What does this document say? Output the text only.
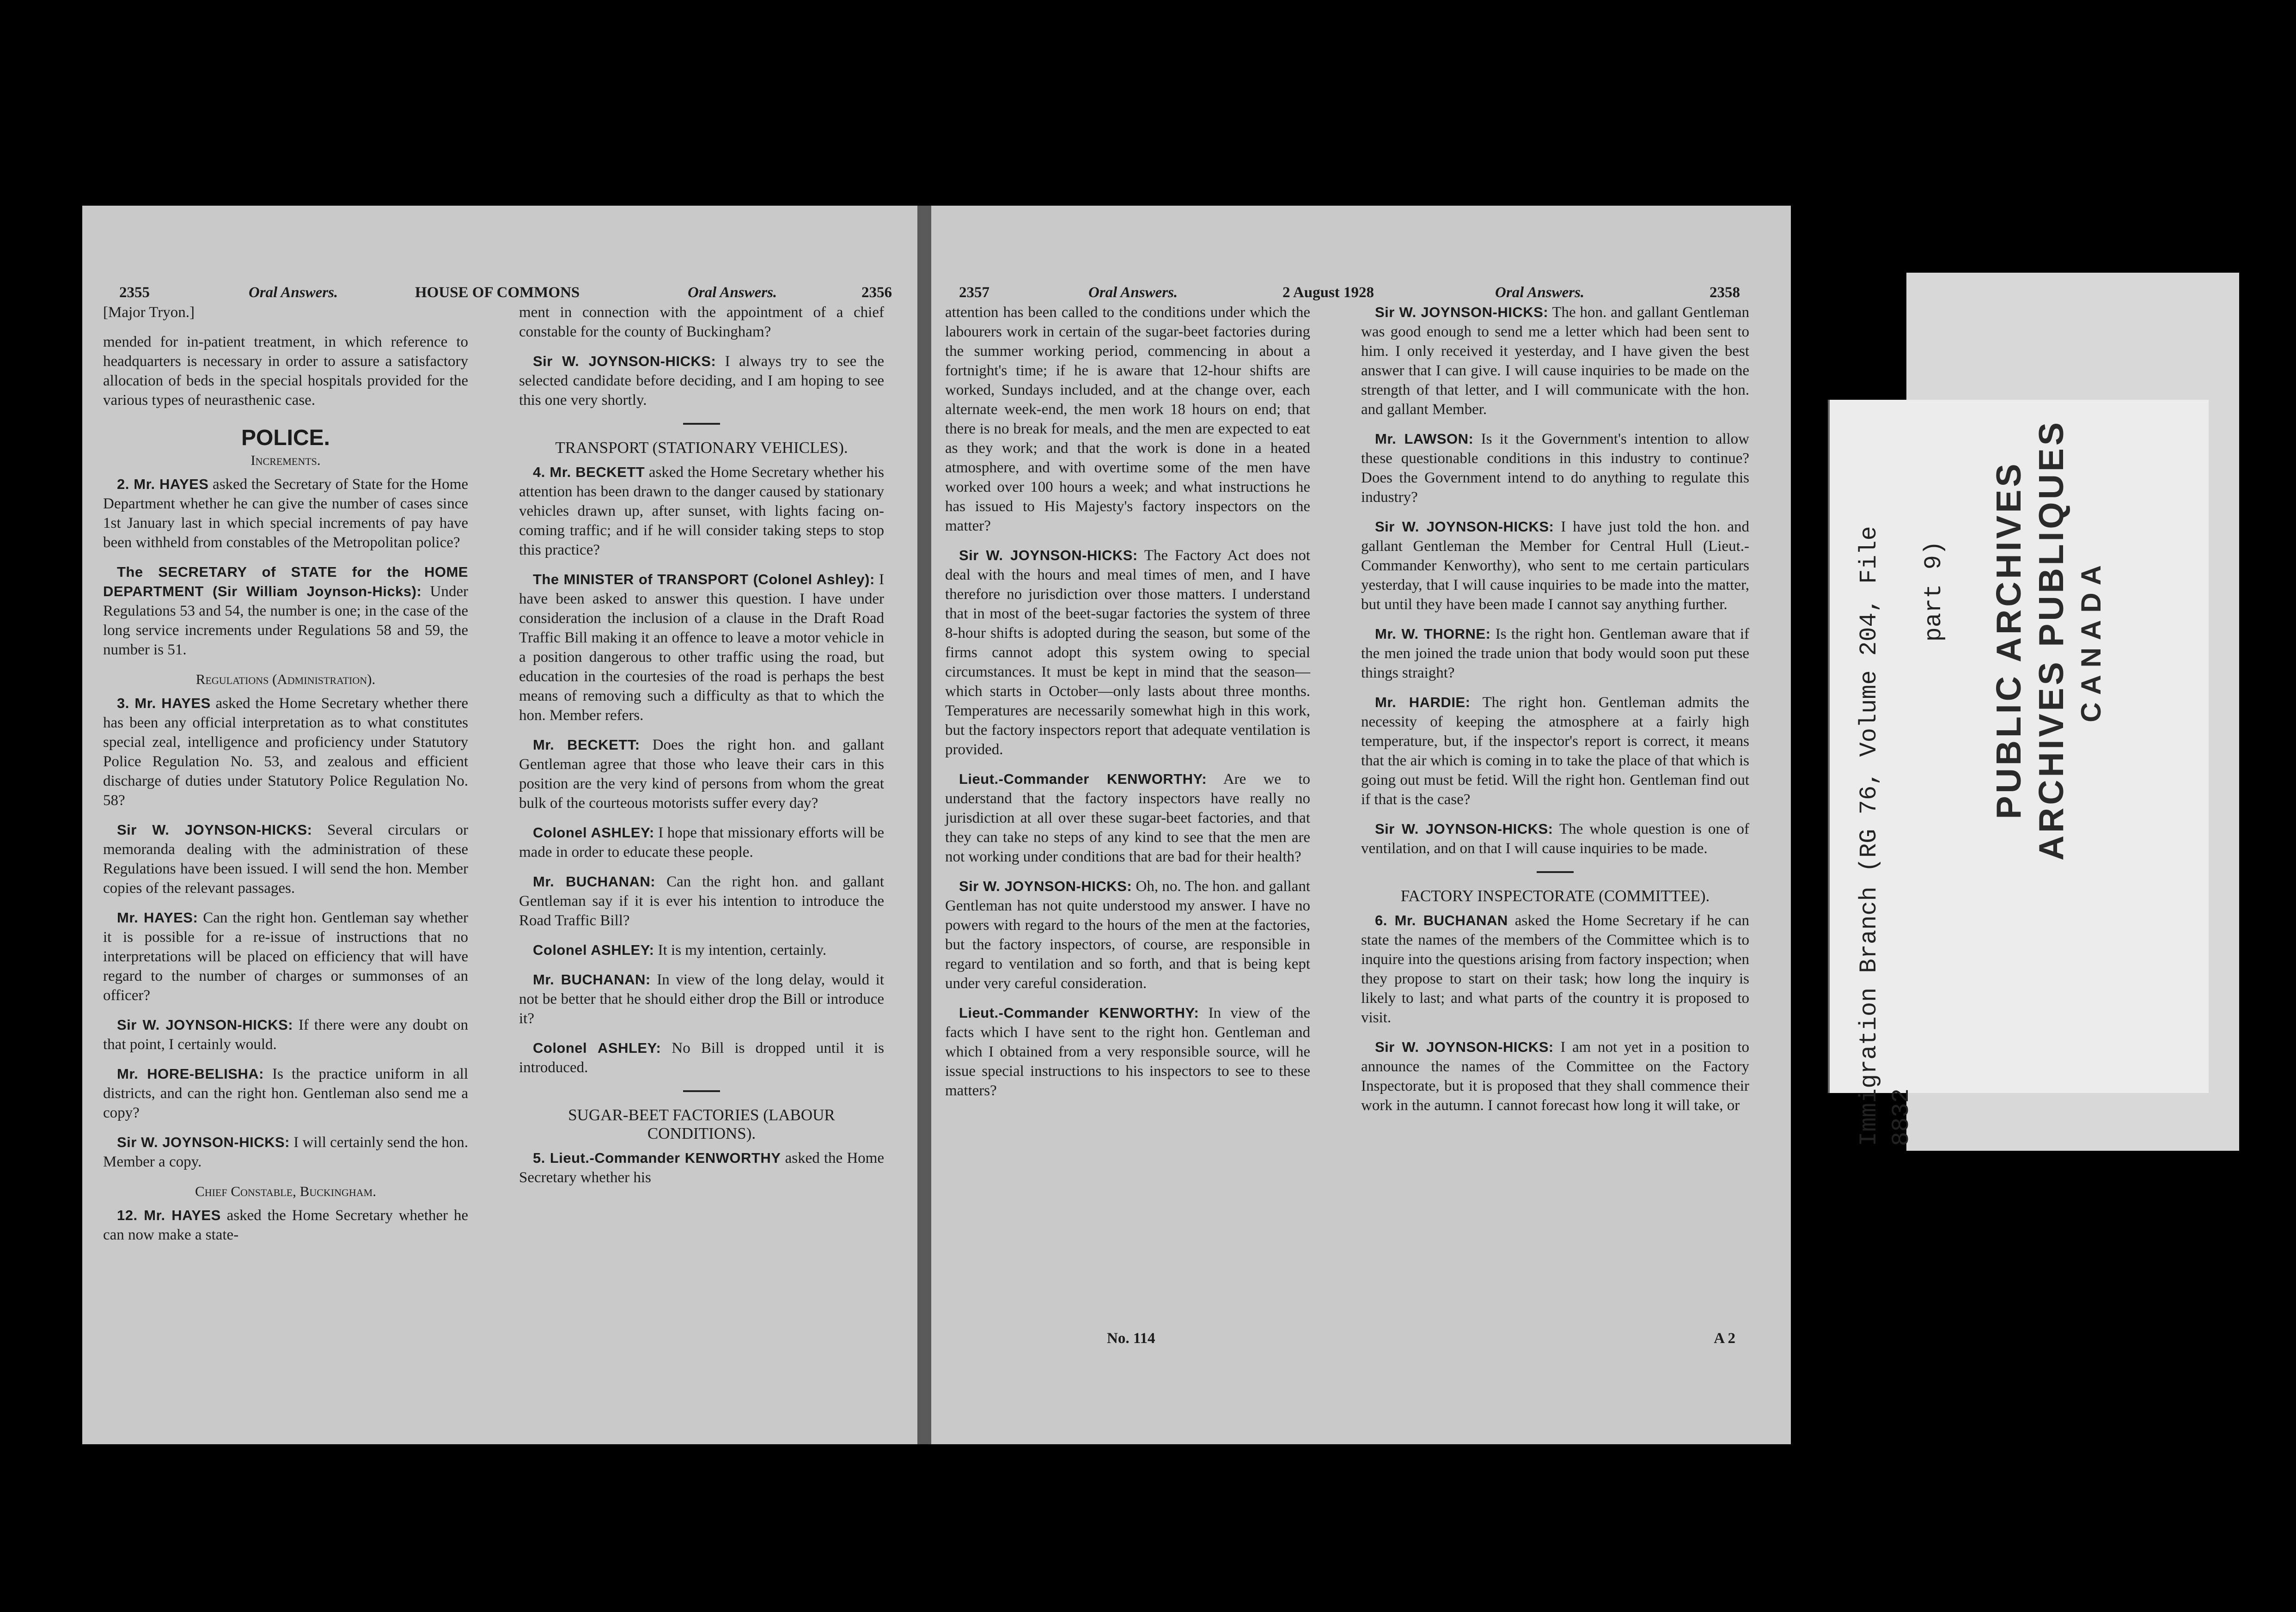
2355	Oral Answers.	HOUSE OF COMMONS	Oral Answers.	2356

[Major Tryon.]

mended for in-patient treatment, in which reference to headquarters is necessary in order to assure a satisfactory allocation of beds in the special hospitals provided for the various types of neurasthenic case.

POLICE.
Increments.

2. Mr. HAYES asked the Secretary of State for the Home Department whether he can give the number of cases since 1st January last in which special increments of pay have been withheld from constables of the Metropolitan police?

The SECRETARY of STATE for the HOME DEPARTMENT (Sir William Joynson-Hicks): Under Regulations 53 and 54, the number is one; in the case of the long service increments under Regulations 58 and 59, the number is 51.

Regulations (Administration).

3. Mr. HAYES asked the Home Secretary whether there has been any official interpretation as to what constitutes special zeal, intelligence and proficiency under Statutory Police Regulation No. 53, and zealous and efficient discharge of duties under Statutory Police Regulation No. 58?

Sir W. JOYNSON-HICKS: Several circulars or memoranda dealing with the administration of these Regulations have been issued. I will send the hon. Member copies of the relevant passages.

Mr. HAYES: Can the right hon. Gentleman say whether it is possible for a re-issue of instructions that no interpretations will be placed on efficiency that will have regard to the number of charges or summonses of an officer?

Sir W. JOYNSON-HICKS: If there were any doubt on that point, I certainly would.

Mr. HORE-BELISHA: Is the practice uniform in all districts, and can the right hon. Gentleman also send me a copy?

Sir W. JOYNSON-HICKS: I will certainly send the hon. Member a copy.

Chief Constable, Buckingham.

12. Mr. HAYES asked the Home Secretary whether he can now make a state-

ment in connection with the appointment of a chief constable for the county of Buckingham?

Sir W. JOYNSON-HICKS: I always try to see the selected candidate before deciding, and I am hoping to see this one very shortly.

TRANSPORT (STATIONARY VEHICLES).

4. Mr. BECKETT asked the Home Secretary whether his attention has been drawn to the danger caused by stationary vehicles drawn up, after sunset, with lights facing on-coming traffic; and if he will consider taking steps to stop this practice?

The MINISTER of TRANSPORT (Colonel Ashley): I have been asked to answer this question. I have under consideration the inclusion of a clause in the Draft Road Traffic Bill making it an offence to leave a motor vehicle in a position dangerous to other traffic using the road, but education in the courtesies of the road is perhaps the best means of removing such a difficulty as that to which the hon. Member refers.

Mr. BECKETT: Does the right hon. and gallant Gentleman agree that those who leave their cars in this position are the very kind of persons from whom the great bulk of the courteous motorists suffer every day?

Colonel ASHLEY: I hope that missionary efforts will be made in order to educate these people.

Mr. BUCHANAN: Can the right hon. and gallant Gentleman say if it is ever his intention to introduce the Road Traffic Bill?

Colonel ASHLEY: It is my intention, certainly.

Mr. BUCHANAN: In view of the long delay, would it not be better that he should either drop the Bill or introduce it?

Colonel ASHLEY: No Bill is dropped until it is introduced.

SUGAR-BEET FACTORIES (LABOUR CONDITIONS).

5. Lieut.-Commander KENWORTHY asked the Home Secretary whether his

2357	Oral Answers.	2 August 1928	Oral Answers.	2358

attention has been called to the conditions under which the labourers work in certain of the sugar-beet factories during the summer working period, commencing in about a fortnight's time; if he is aware that 12-hour shifts are worked, Sundays included, and at the change over, each alternate week-end, the men work 18 hours on end; that there is no break for meals, and the men are expected to eat as they work; and that the work is done in a heated atmosphere, and with overtime some of the men have worked over 100 hours a week; and what instructions he has issued to His Majesty's factory inspectors on the matter?

Sir W. JOYNSON-HICKS: The Factory Act does not deal with the hours and meal times of men, and I have therefore no jurisdiction over those matters. I understand that in most of the beet-sugar factories the system of three 8-hour shifts is adopted during the season, but some of the firms cannot adopt this system owing to special circumstances. It must be kept in mind that the season—which starts in October—only lasts about three months. Temperatures are necessarily somewhat high in this work, but the factory inspectors report that adequate ventilation is provided.

Lieut.-Commander KENWORTHY: Are we to understand that the factory inspectors have really no jurisdiction at all over these sugar-beet factories, and that they can take no steps of any kind to see that the men are not working under conditions that are bad for their health?

Sir W. JOYNSON-HICKS: Oh, no. The hon. and gallant Gentleman has not quite understood my answer. I have no powers with regard to the hours of the men at the factories, but the factory inspectors, of course, are responsible in regard to ventilation and so forth, and that is being kept under very careful consideration.

Lieut.-Commander KENWORTHY: In view of the facts which I have sent to the right hon. Gentleman and which I obtained from a very responsible source, will he issue special instructions to his inspectors to see to these matters?

Sir W. JOYNSON-HICKS: The hon. and gallant Gentleman was good enough to send me a letter which had been sent to him. I only received it yesterday, and I have given the best answer that I can give. I will cause inquiries to be made on the strength of that letter, and I will communicate with the hon. and gallant Member.

Mr. LAWSON: Is it the Government's intention to allow these questionable conditions in this industry to continue? Does the Government intend to do anything to regulate this industry?

Sir W. JOYNSON-HICKS: I have just told the hon. and gallant Gentleman the Member for Central Hull (Lieut.-Commander Kenworthy), who sent to me certain particulars yesterday, that I will cause inquiries to be made into the matter, but until they have been made I cannot say anything further.

Mr. W. THORNE: Is the right hon. Gentleman aware that if the men joined the trade union that body would soon put these things straight?

Mr. HARDIE: The right hon. Gentleman admits the necessity of keeping the atmosphere at a fairly high temperature, but, if the inspector's report is correct, it means that the air which is coming in to take the place of that which is going out must be fetid. Will the right hon. Gentleman find out if that is the case?

Sir W. JOYNSON-HICKS: The whole question is one of ventilation, and on that I will cause inquiries to be made.

FACTORY INSPECTORATE (COMMITTEE).

6. Mr. BUCHANAN asked the Home Secretary if he can state the names of the members of the Committee which is to inquire into the questions arising from factory inspection; when they propose to start on their task; how long the inquiry is likely to last; and what parts of the country it is proposed to visit.

Sir W. JOYNSON-HICKS: I am not yet in a position to announce the names of the Committee on the Factory Inspectorate, but it is proposed that they shall commence their work in the autumn. I cannot forecast how long it will take, or

No. 114	A 2
Immigration Branch (RG 76, Volume 204, File 8832
part 9) PUBLIC ARCHIVES ARCHIVES PUBLIQUES CANADA
